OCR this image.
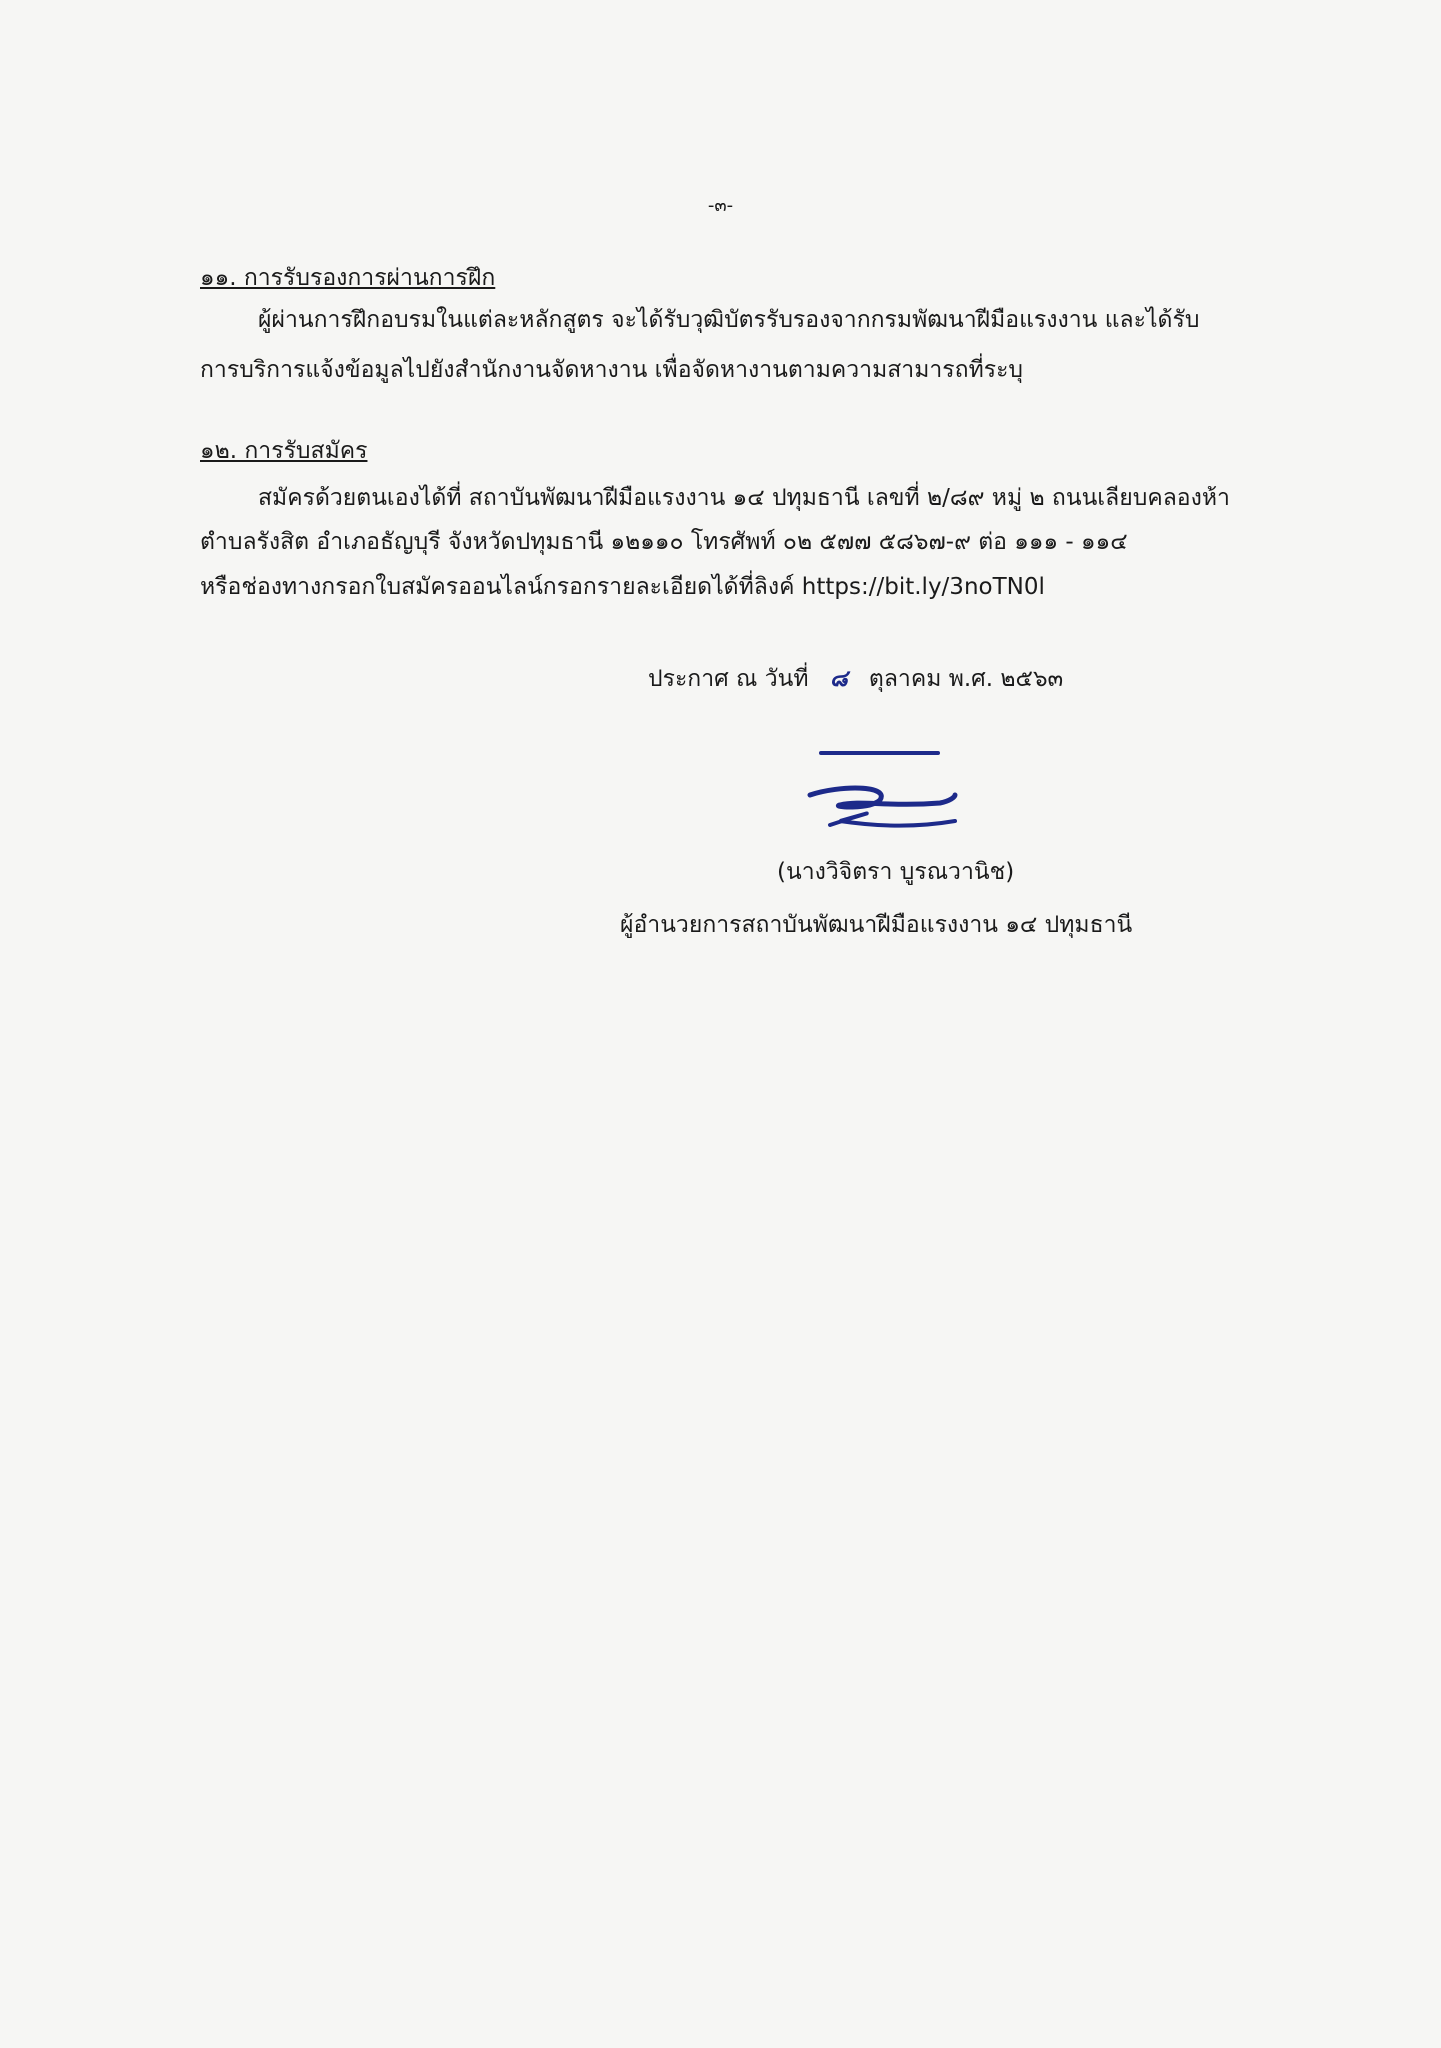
-๓-
๑๑. การรับรองการผ่านการฝึก
ผู้ผ่านการฝึกอบรมในแต่ละหลักสูตร จะได้รับวุฒิบัตรรับรองจากกรมพัฒนาฝีมือแรงงาน และได้รับ
การบริการแจ้งข้อมูลไปยังสำนักงานจัดหางาน เพื่อจัดหางานตามความสามารถที่ระบุ
๑๒. การรับสมัคร
สมัครด้วยตนเองได้ที่ สถาบันพัฒนาฝีมือแรงงาน ๑๔ ปทุมธานี เลขที่ ๒/๘๙ หมู่ ๒ ถนนเลียบคลองห้า
ตำบลรังสิต อำเภอธัญบุรี จังหวัดปทุมธานี ๑๒๑๑๐ โทรศัพท์ ๐๒ ๕๗๗ ๕๘๖๗-๙ ต่อ ๑๑๑ - ๑๑๔
หรือช่องทางกรอกใบสมัครออนไลน์กรอกรายละเอียดได้ที่ลิงค์ https://bit.ly/3noTN0l
ประกาศ ณ วันที่ ๘ ตุลาคม พ.ศ. ๒๕๖๓
(นางวิจิตรา บูรณวานิช)
ผู้อำนวยการสถาบันพัฒนาฝีมือแรงงาน ๑๔ ปทุมธานี
